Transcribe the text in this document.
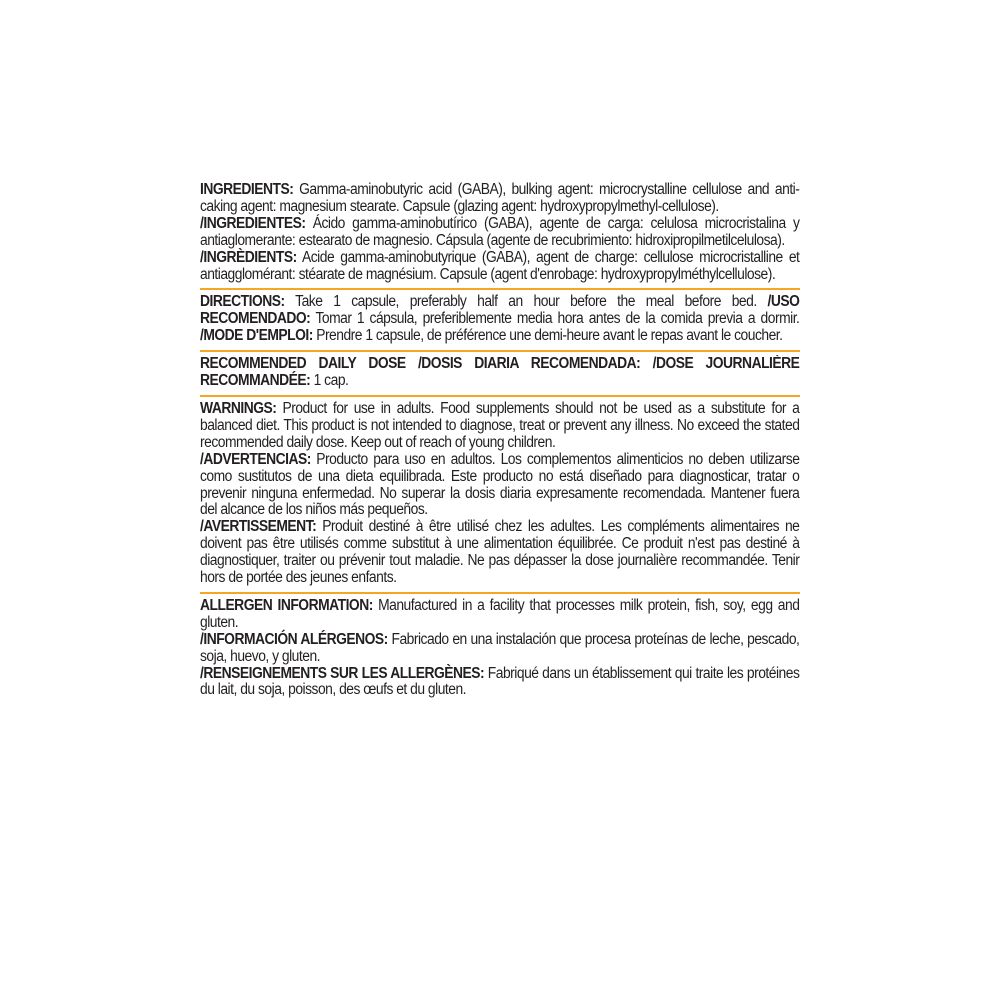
INGREDIENTS: Gamma-aminobutyric acid (GABA), bulking agent: microcrystalline cellulose and anti-caking agent: magnesium stearate. Capsule (glazing agent: hydroxypropylmethyl-cellulose).

/INGREDIENTES: Ácido gamma-aminobutírico (GABA), agente de carga: celulosa microcristalina y antiaglomerante: estearato de magnesio. Cápsula (agente de recubrimiento: hidroxipropilmetilcelulosa).

/INGRÈDIENTS: Acide gamma-aminobutyrique (GABA), agent de charge: cellulose microcristalline et antiagglomérant: stéarate de magnésium. Capsule (agent d'enrobage: hydroxypropylméthylcellulose).

DIRECTIONS: Take 1 capsule, preferably half an hour before the meal before bed. /USO RECOMENDADO: Tomar 1 cápsula, preferiblemente media hora antes de la comida previa a dormir. /MODE D'EMPLOI: Prendre 1 capsule, de préférence une demi-heure avant le repas avant le coucher.

RECOMMENDED DAILY DOSE /DOSIS DIARIA RECOMENDADA: /DOSE JOURNALIÈRE RECOMMANDÉE: 1 cap.

WARNINGS: Product for use in adults. Food supplements should not be used as a substitute for a balanced diet. This product is not intended to diagnose, treat or prevent any illness. No exceed the stated recommended daily dose. Keep out of reach of young children.

/ADVERTENCIAS: Producto para uso en adultos. Los complementos alimenticios no deben utilizarse como sustitutos de una dieta equilibrada. Este producto no está diseñado para diagnosticar, tratar o prevenir ninguna enfermedad. No superar la dosis diaria expresamente recomendada. Mantener fuera del alcance de los niños más pequeños.

/AVERTISSEMENT: Produit destiné à être utilisé chez les adultes. Les compléments alimentaires ne doivent pas être utilisés comme substitut à une alimentation équilibrée. Ce produit n'est pas destiné à diagnostiquer, traiter ou prévenir tout maladie. Ne pas dépasser la dose journalière recommandée. Tenir hors de portée des jeunes enfants.

ALLERGEN INFORMATION: Manufactured in a facility that processes milk protein, fish, soy, egg and gluten.

/INFORMACIÓN ALÉRGENOS: Fabricado en una instalación que procesa proteínas de leche, pescado, soja, huevo, y gluten.

/RENSEIGNEMENTS SUR LES ALLERGÈNES: Fabriqué dans un établissement qui traite les protéines du lait, du soja, poisson, des œufs et du gluten.
